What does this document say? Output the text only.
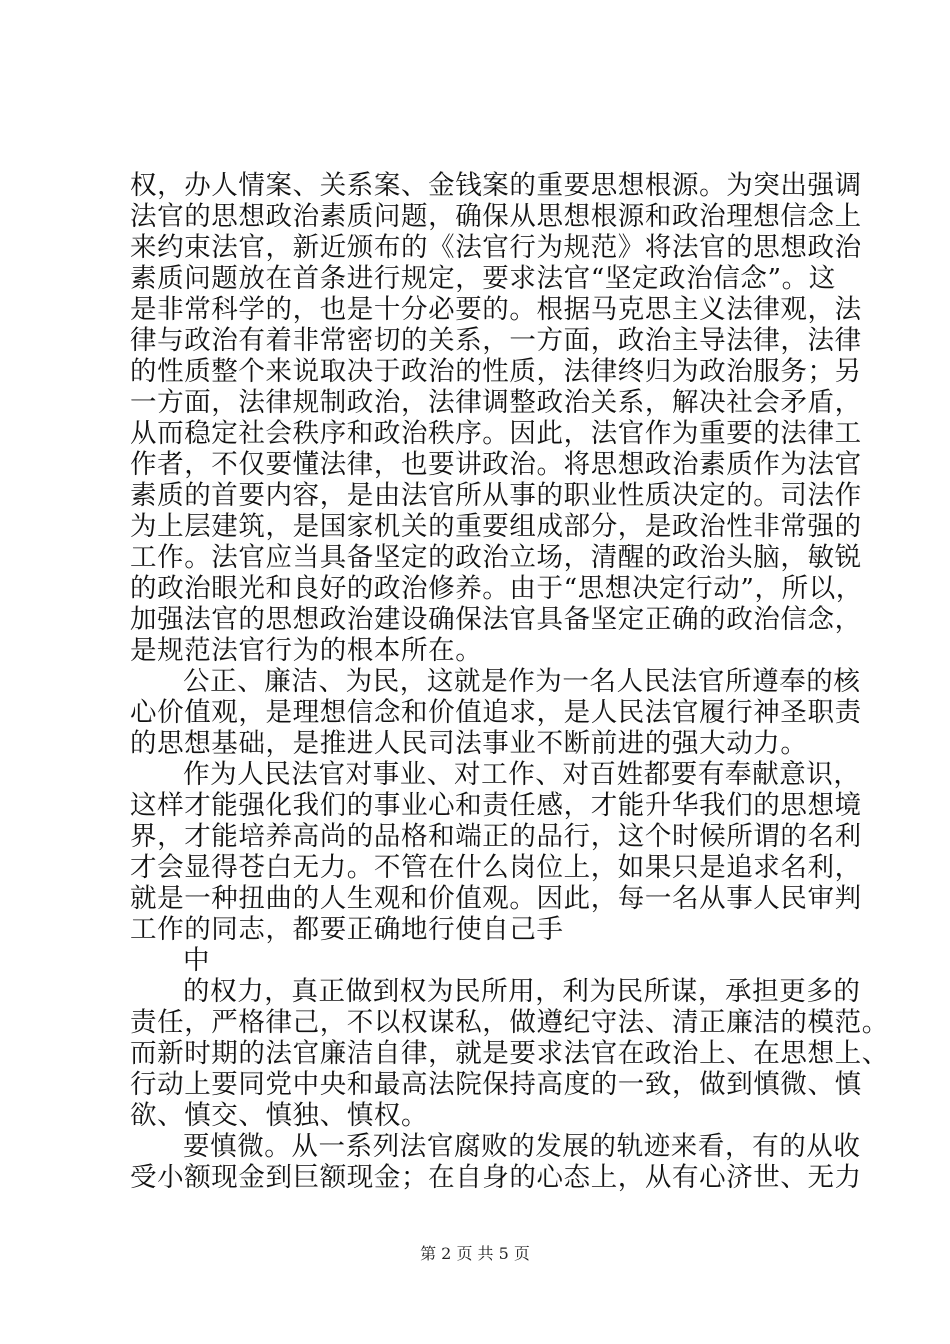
权，办人情案、关系案、金钱案的重要思想根源。为突出强调
法官的思想政治素质问题，确保从思想根源和政治理想信念上
来约束法官，新近颁布的《法官行为规范》将法官的思想政治
素质问题放在首条进行规定，要求法官“坚定政治信念”。这
是非常科学的，也是十分必要的。根据马克思主义法律观，法
律与政治有着非常密切的关系，一方面，政治主导法律，法律
的性质整个来说取决于政治的性质，法律终归为政治服务；另
一方面，法律规制政治，法律调整政治关系，解决社会矛盾，
从而稳定社会秩序和政治秩序。因此，法官作为重要的法律工
作者，不仅要懂法律，也要讲政治。将思想政治素质作为法官
素质的首要内容，是由法官所从事的职业性质决定的。司法作
为上层建筑，是国家机关的重要组成部分，是政治性非常强的
工作。法官应当具备坚定的政治立场，清醒的政治头脑，敏锐
的政治眼光和良好的政治修养。由于“思想决定行动”，所以，
加强法官的思想政治建设确保法官具备坚定正确的政治信念，
是规范法官行为的根本所在。
公正、廉洁、为民，这就是作为一名人民法官所遵奉的核
心价值观，是理想信念和价值追求，是人民法官履行神圣职责
的思想基础，是推进人民司法事业不断前进的强大动力。
作为人民法官对事业、对工作、对百姓都要有奉献意识，
这样才能强化我们的事业心和责任感，才能升华我们的思想境
界，才能培养高尚的品格和端正的品行，这个时候所谓的名利
才会显得苍白无力。不管在什么岗位上，如果只是追求名利，
就是一种扭曲的人生观和价值观。因此，每一名从事人民审判
工作的同志，都要正确地行使自己手
中
的权力，真正做到权为民所用，利为民所谋，承担更多的
责任，严格律己，不以权谋私，做遵纪守法、清正廉洁的模范。
而新时期的法官廉洁自律，就是要求法官在政治上、在思想上、
行动上要同党中央和最高法院保持高度的一致，做到慎微、慎
欲、慎交、慎独、慎权。
要慎微。从一系列法官腐败的发展的轨迹来看，有的从收
受小额现金到巨额现金；在自身的心态上，从有心济世、无力
第 2 页 共 5 页
